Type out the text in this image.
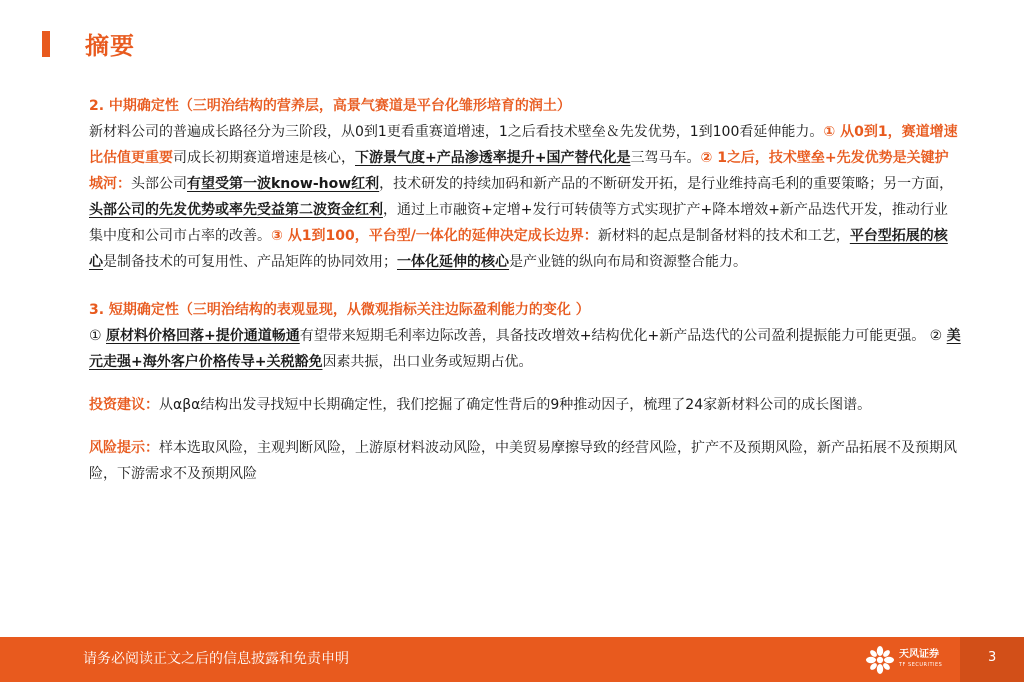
摘要

2. 中期确定性（三明治结构的营养层，高景气赛道是平台化雏形培育的润土）

新材料公司的普遍成长路径分为三阶段，从0到1更看重赛道增速，1之后看技术壁垒＆先发优势，1到100看延伸能力。① 从0到1，赛道增速比估值更重要司成长初期赛道增速是核心，下游景气度+产品渗透率提升+国产替代化是三驾马车。② 1之后，技术壁垒+先发优势是关键护城河：头部公司有望受第一波know-how红利，技术研发的持续加码和新产品的不断研发开拓，是行业维持高毛利的重要策略；另一方面，头部公司的先发优势或率先受益第二波资金红利，通过上市融资+定增+发行可转债等方式实现扩产+降本增效+新产品迭代开发，推动行业集中度和公司市占率的改善。③ 从1到100，平台型/一体化的延伸决定成长边界：新材料的起点是制备材料的技术和工艺，平台型拓展的核心是制备技术的可复用性、产品矩阵的协同效用；一体化延伸的核心是产业链的纵向布局和资源整合能力。

3. 短期确定性（三明治结构的表观显现，从微观指标关注边际盈利能力的变化 ）

① 原材料价格回落+提价通道畅通有望带来短期毛利率边际改善，具备技改增效+结构优化+新产品迭代的公司盈利提振能力可能更强。 ② 美元走强+海外客户价格传导+关税豁免因素共振，出口业务或短期占优。

投资建议：从αβα结构出发寻找短中长期确定性，我们挖掘了确定性背后的9种推动因子，梳理了24家新材料公司的成长图谱。

风险提示：样本选取风险，主观判断风险，上游原材料波动风险，中美贸易摩擦导致的经营风险，扩产不及预期风险，新产品拓展不及预期风险，下游需求不及预期风险

请务必阅读正文之后的信息披露和免责申明	天风证券
TF SECURITIES	3
